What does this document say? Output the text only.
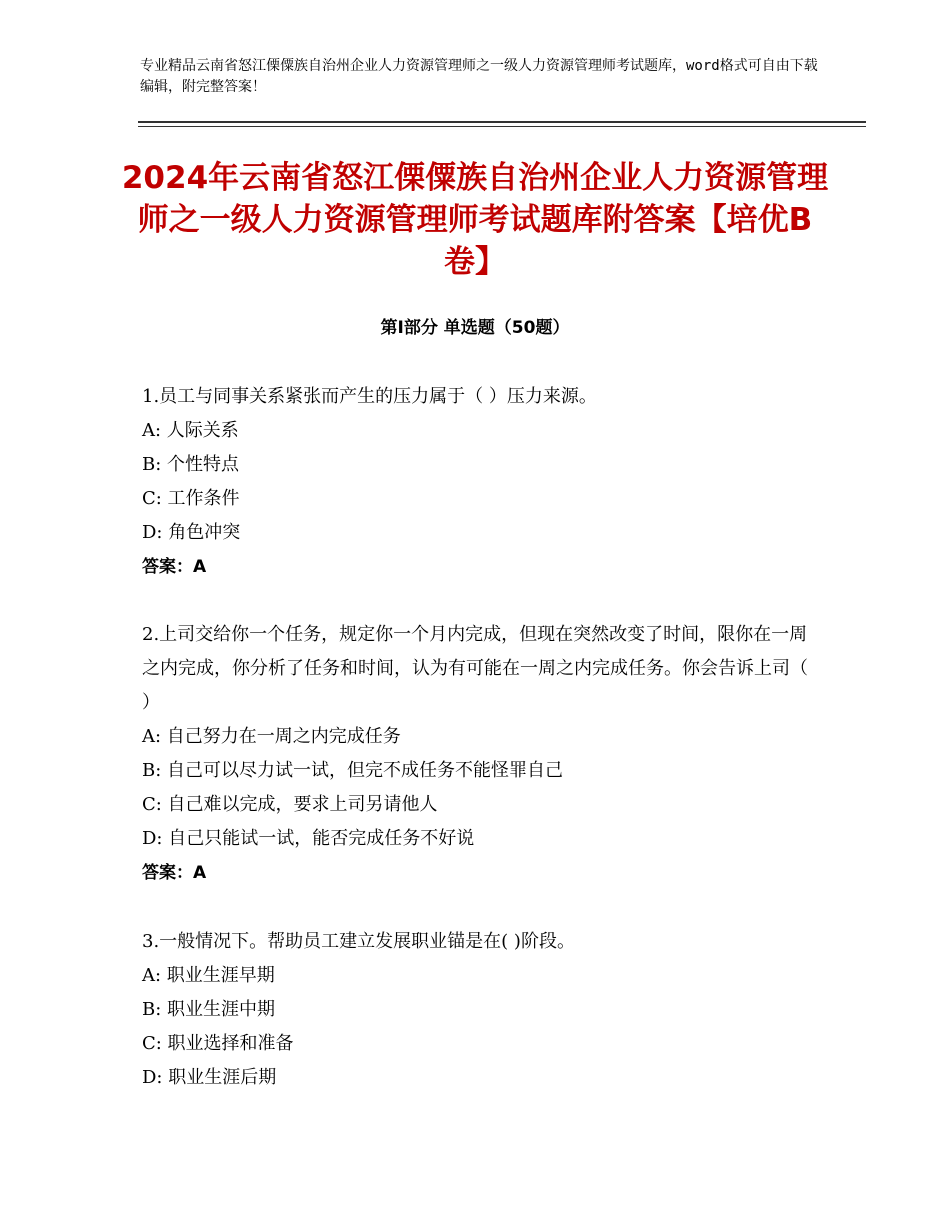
专业精品云南省怒江傈僳族自治州企业人力资源管理师之一级人力资源管理师考试题库，word格式可自由下载编辑，附完整答案！
2024年云南省怒江傈僳族自治州企业人力资源管理师之一级人力资源管理师考试题库附答案【培优B卷】
第Ⅰ部分 单选题（50题）

1.员工与同事关系紧张而产生的压力属于（ ）压力来源。

A: 人际关系

B: 个性特点

C: 工作条件

D: 角色冲突

答案：A

2.上司交给你一个任务，规定你一个月内完成，但现在突然改变了时间，限你在一周之内完成，你分析了任务和时间，认为有可能在一周之内完成任务。你会告诉上司（ ）

A: 自己努力在一周之内完成任务

B: 自己可以尽力试一试，但完不成任务不能怪罪自己

C: 自己难以完成，要求上司另请他人

D: 自己只能试一试，能否完成任务不好说

答案：A

3.一般情况下。帮助员工建立发展职业锚是在( )阶段。

A: 职业生涯早期

B: 职业生涯中期

C: 职业选择和准备

D: 职业生涯后期
